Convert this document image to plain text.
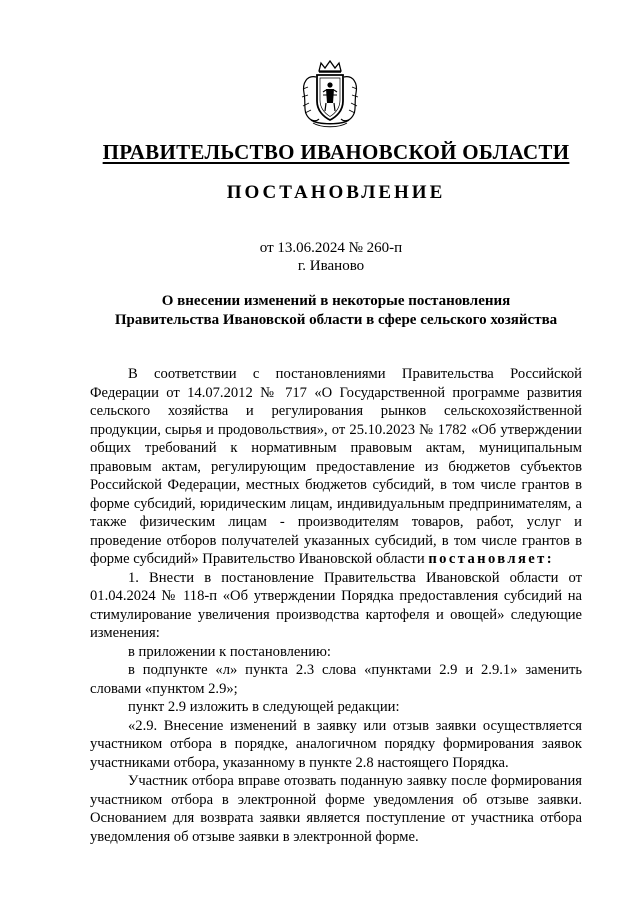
ПРАВИТЕЛЬСТВО ИВАНОВСКОЙ ОБЛАСТИ
ПОСТАНОВЛЕНИЕ
от 13.06.2024 № 260-п
г. Иваново
О внесении изменений в некоторые постановления
Правительства Ивановской области в сфере сельского хозяйства

В соответствии с постановлениями Правительства Российской Федерации от 14.07.2012 № 717 «О Государственной программе развития сельского хозяйства и регулирования рынков сельскохозяйственной продукции, сырья и продовольствия», от 25.10.2023 № 1782 «Об утверждении общих требований к нормативным правовым актам, муниципальным правовым актам, регулирующим предоставление из бюджетов субъектов Российской Федерации, местных бюджетов субсидий, в том числе грантов в форме субсидий, юридическим лицам, индивидуальным предпринимателям, а также физическим лицам - производителям товаров, работ, услуг и проведение отборов получателей указанных субсидий, в том числе грантов в форме субсидий» Правительство Ивановской области постановляет:

1. Внести в постановление Правительства Ивановской области от 01.04.2024 № 118-п «Об утверждении Порядка предоставления субсидий на стимулирование увеличения производства картофеля и овощей» следующие изменения:

в приложении к постановлению:

в подпункте «л» пункта 2.3 слова «пунктами 2.9 и 2.9.1» заменить словами «пунктом 2.9»;

пункт 2.9 изложить в следующей редакции:

«2.9. Внесение изменений в заявку или отзыв заявки осуществляется участником отбора в порядке, аналогичном порядку формирования заявок участниками отбора, указанному в пункте 2.8 настоящего Порядка.

Участник отбора вправе отозвать поданную заявку после формирования участником отбора в электронной форме уведомления об отзыве заявки. Основанием для возврата заявки является поступление от участника отбора уведомления об отзыве заявки в электронной форме.
